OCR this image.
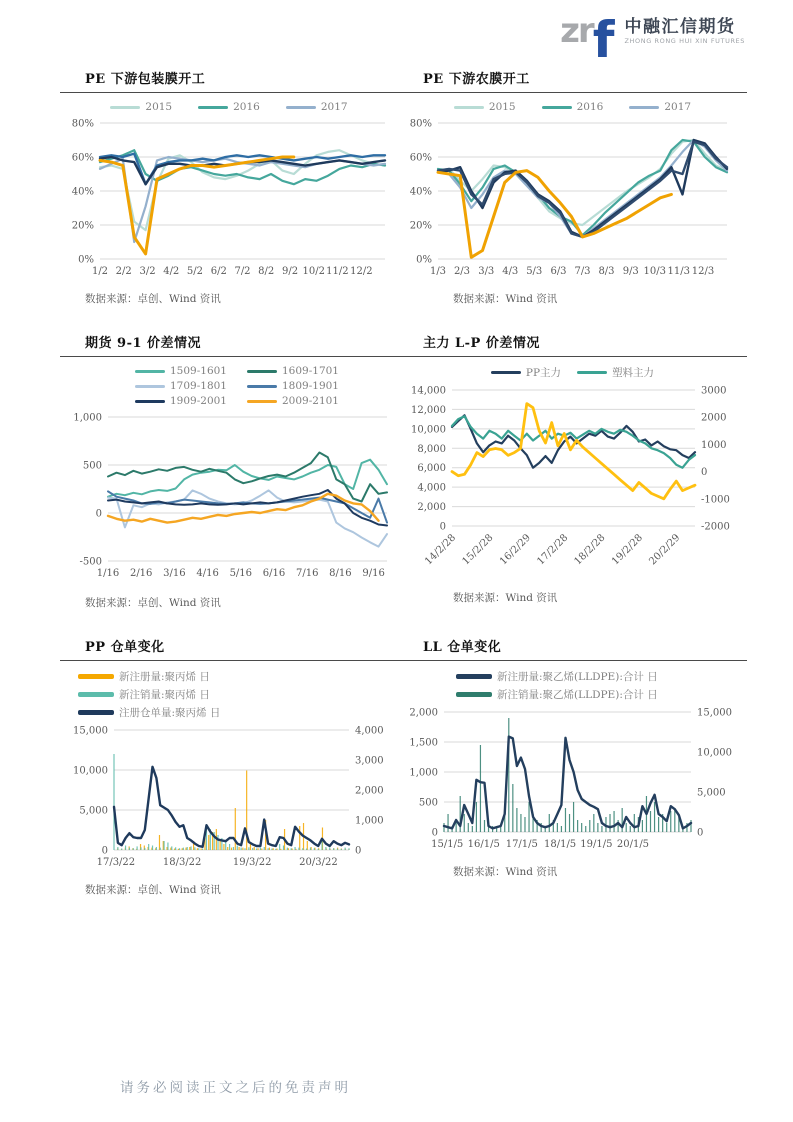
zr f 中融汇信期货
ZHONG RONG HUI XIN FUTURES
PE 下游包装膜开工
2015	2016	2017
0%
20%
40%
60%
80%
1/2 2/2 3/2 4/2 5/2 6/2 7/2 8/2 9/2 10/2 11/2 12/2
数据来源：卓创、Wind 资讯
PE 下游农膜开工
2015	2016	2017
0%
20%
40%
60%
80%
1/3 2/3 3/3 4/3 5/3 6/3 7/3 8/3 9/3 10/3 11/3 12/3
数据来源：Wind 资讯
期货 9-1 价差情况
1509-1601	1609-1701
1709-1801	1809-1901
1909-2001	2009-2101
-500
0
500
1,000
1/16 2/16 3/16 4/16 5/16 6/16 7/16 8/16 9/16
数据来源：卓创、Wind 资讯
主力 L-P 价差情况
PP主力	塑料主力
0
2,000
4,000
6,000
8,000
10,000
12,000
14,000
-2000
-1000
0
1000
2000
3000
14/2/28 15/2/28 16/2/29 17/2/28 18/2/28 19/2/28 20/2/29
数据来源：Wind 资讯
PP 仓单变化
新注册量:聚丙烯 日
新注销量:聚丙烯 日
注册仓单量:聚丙烯 日
0
5,000
10,000
15,000
0
1,000
2,000
3,000
4,000
17/3/22	18/3/22	19/3/22	20/3/22
数据来源：卓创、Wind 资讯
LL 仓单变化
新注册量:聚乙烯(LLDPE):合计 日
新注销量:聚乙烯(LLDPE):合计 日
0
500
1,000
1,500
2,000
0
5,000
10,000
15,000
15/1/5 16/1/5 17/1/5 18/1/5 19/1/5 20/1/5
数据来源：Wind 资讯
请务必阅读正文之后的免责声明
